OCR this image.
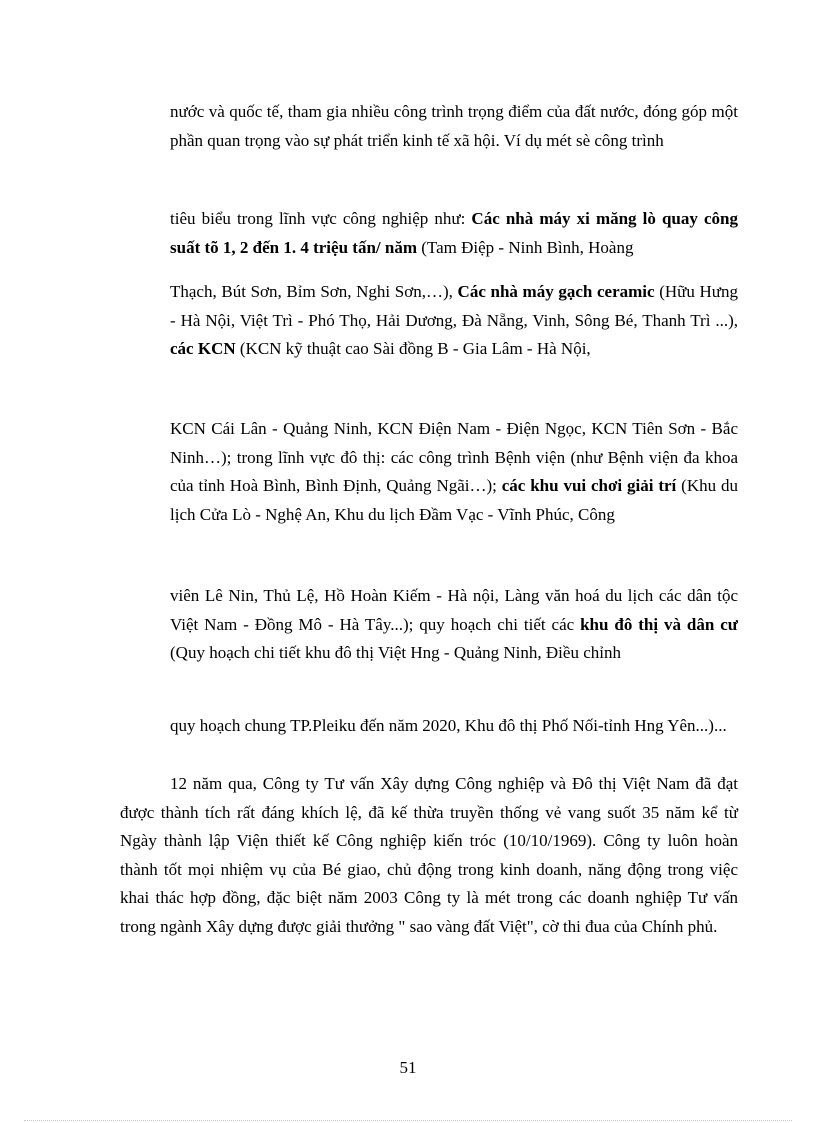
nước và quốc tế, tham gia nhiều công trình trọng điểm của đất nước, đóng góp một phần quan trọng vào sự phát triển kinh tế xã hội. Ví dụ mét sè công trình
tiêu biểu trong lĩnh vực công nghiệp như: Các nhà máy xi măng lò quay công suất tõ 1, 2 đến 1. 4 triệu tấn/ năm (Tam Điệp - Ninh Bình, Hoàng
Thạch, Bút Sơn, Bỉm Sơn, Nghi Sơn,…), Các nhà máy gạch ceramic (Hữu Hưng - Hà Nội, Việt Trì - Phó Thọ, Hải Dương, Đà Nẵng, Vinh, Sông Bé, Thanh Trì ...), các KCN (KCN kỹ thuật cao Sài đồng B - Gia Lâm - Hà Nội,
KCN Cái Lân - Quảng Ninh, KCN Điện Nam - Điện Ngọc, KCN Tiên Sơn - Bắc Ninh…); trong lĩnh vực đô thị: các công trình Bệnh viện (như Bệnh viện đa khoa của tỉnh Hoà Bình, Bình Định, Quảng Ngãi…); các khu vui chơi giải trí (Khu du lịch Cửa Lò - Nghệ An, Khu du lịch Đầm Vạc - Vĩnh Phúc, Công
viên Lê Nin, Thủ Lệ, Hồ Hoàn Kiếm - Hà nội, Làng văn hoá du lịch các dân tộc Việt Nam - Đồng Mô - Hà Tây...); quy hoạch chi tiết các khu đô thị và dân cư (Quy hoạch chi tiết khu đô thị Việt Hng - Quảng Ninh, Điều chỉnh
quy hoạch chung TP.Pleiku đến năm 2020, Khu đô thị Phố Nối-tỉnh Hng Yên...)...
12 năm qua, Công ty Tư vấn Xây dựng Công nghiệp và Đô thị Việt Nam đã đạt được thành tích rất đáng khích lệ, đã kế thừa truyền thống vẻ vang suốt 35 năm kể từ Ngày thành lập Viện thiết kế Công nghiệp kiến tróc (10/10/1969). Công ty luôn hoàn thành tốt mọi nhiệm vụ của Bé giao, chủ động trong kinh doanh, năng động trong việc khai thác hợp đồng, đặc biệt năm 2003 Công ty là mét trong các doanh nghiệp Tư vấn trong ngành Xây dựng được giải thưởng " sao vàng đất Việt", cờ thi đua của Chính phủ.
51
